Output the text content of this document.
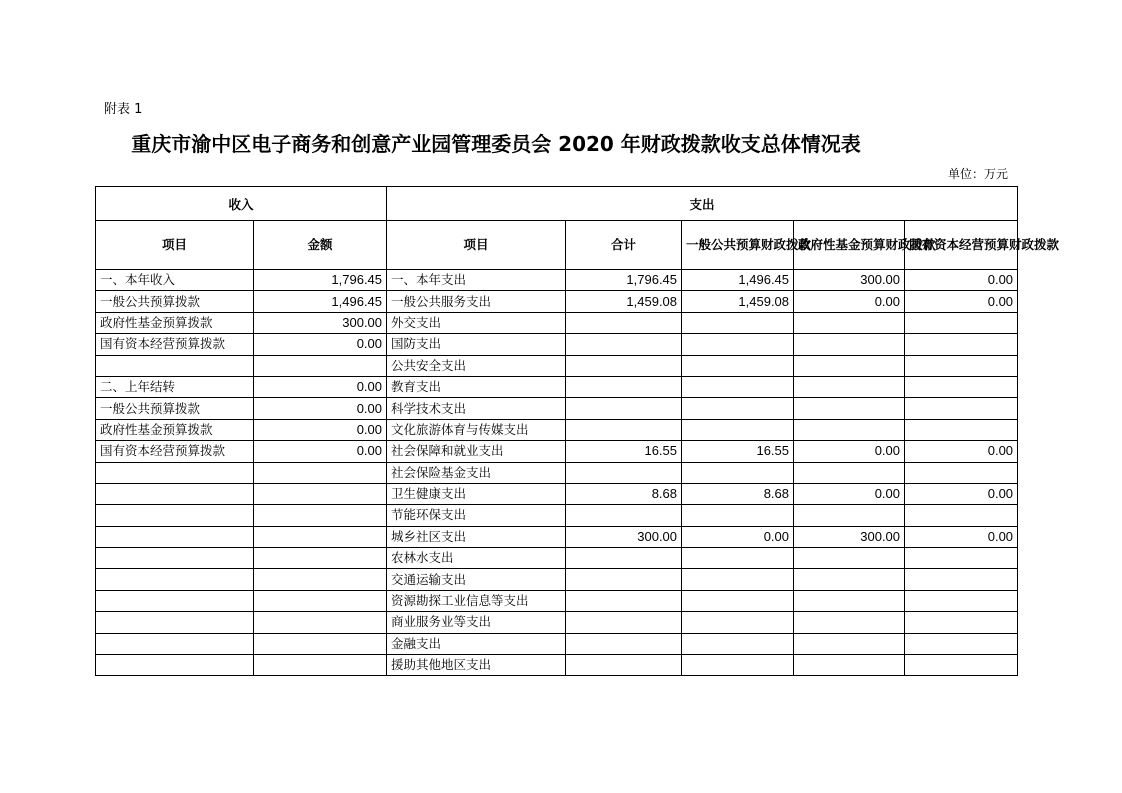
附表 1
重庆市渝中区电子商务和创意产业园管理委员会 2020 年财政拨款收支总体情况表
单位：万元
收入		支出				
项目	金额	项目	合计	一般公共预算财政拨款	政府性基金预算财政拨款	国有资本经营预算财政拨款
一、本年收入	1,796.45	一、本年支出	1,796.45	1,496.45	300.00	0.00
一般公共预算拨款	1,496.45	一般公共服务支出	1,459.08	1,459.08	0.00	0.00
政府性基金预算拨款	300.00	外交支出				
国有资本经营预算拨款	0.00	国防支出				
		公共安全支出				
二、上年结转	0.00	教育支出				
一般公共预算拨款	0.00	科学技术支出				
政府性基金预算拨款	0.00	文化旅游体育与传媒支出				
国有资本经营预算拨款	0.00	社会保障和就业支出	16.55	16.55	0.00	0.00
		社会保险基金支出				
		卫生健康支出	8.68	8.68	0.00	0.00
		节能环保支出				
		城乡社区支出	300.00	0.00	300.00	0.00
		农林水支出				
		交通运输支出				
		资源勘探工业信息等支出				
		商业服务业等支出				
		金融支出				
		援助其他地区支出				
